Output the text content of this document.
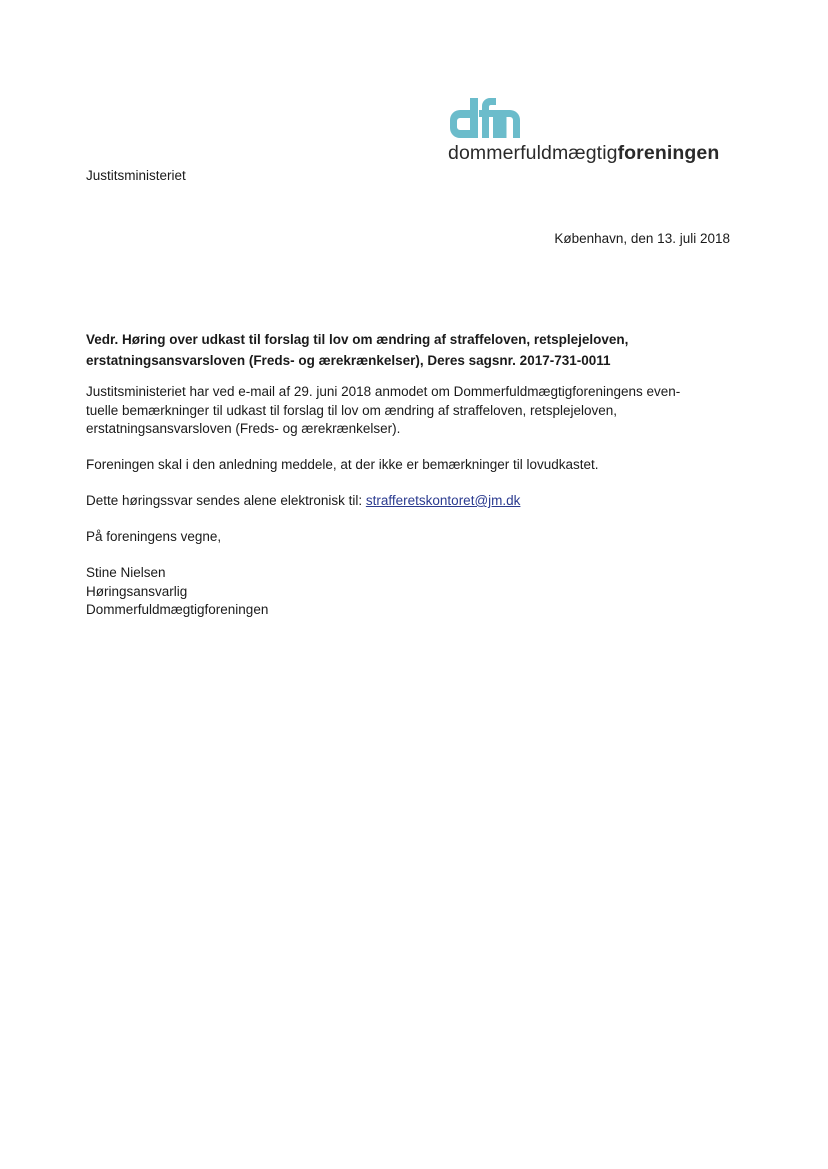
dommerfuldmægtigforeningen
Justitsministeriet
København, den 13. juli 2018
Vedr. Høring over udkast til forslag til lov om ændring af straffeloven, retsplejeloven,
erstatningsansvarsloven (Freds- og ærekrænkelser), Deres sagsnr. 2017-731-0011
Justitsministeriet har ved e-mail af 29. juni 2018 anmodet om Dommerfuldmægtigforeningens even-
tuelle bemærkninger til udkast til forslag til lov om ændring af straffeloven, retsplejeloven,
erstatningsansvarsloven (Freds- og ærekrænkelser).
Foreningen skal i den anledning meddele, at der ikke er bemærkninger til lovudkastet.
Dette høringssvar sendes alene elektronisk til: strafferetskontoret@jm.dk
På foreningens vegne,
Stine Nielsen
Høringsansvarlig
Dommerfuldmægtigforeningen
